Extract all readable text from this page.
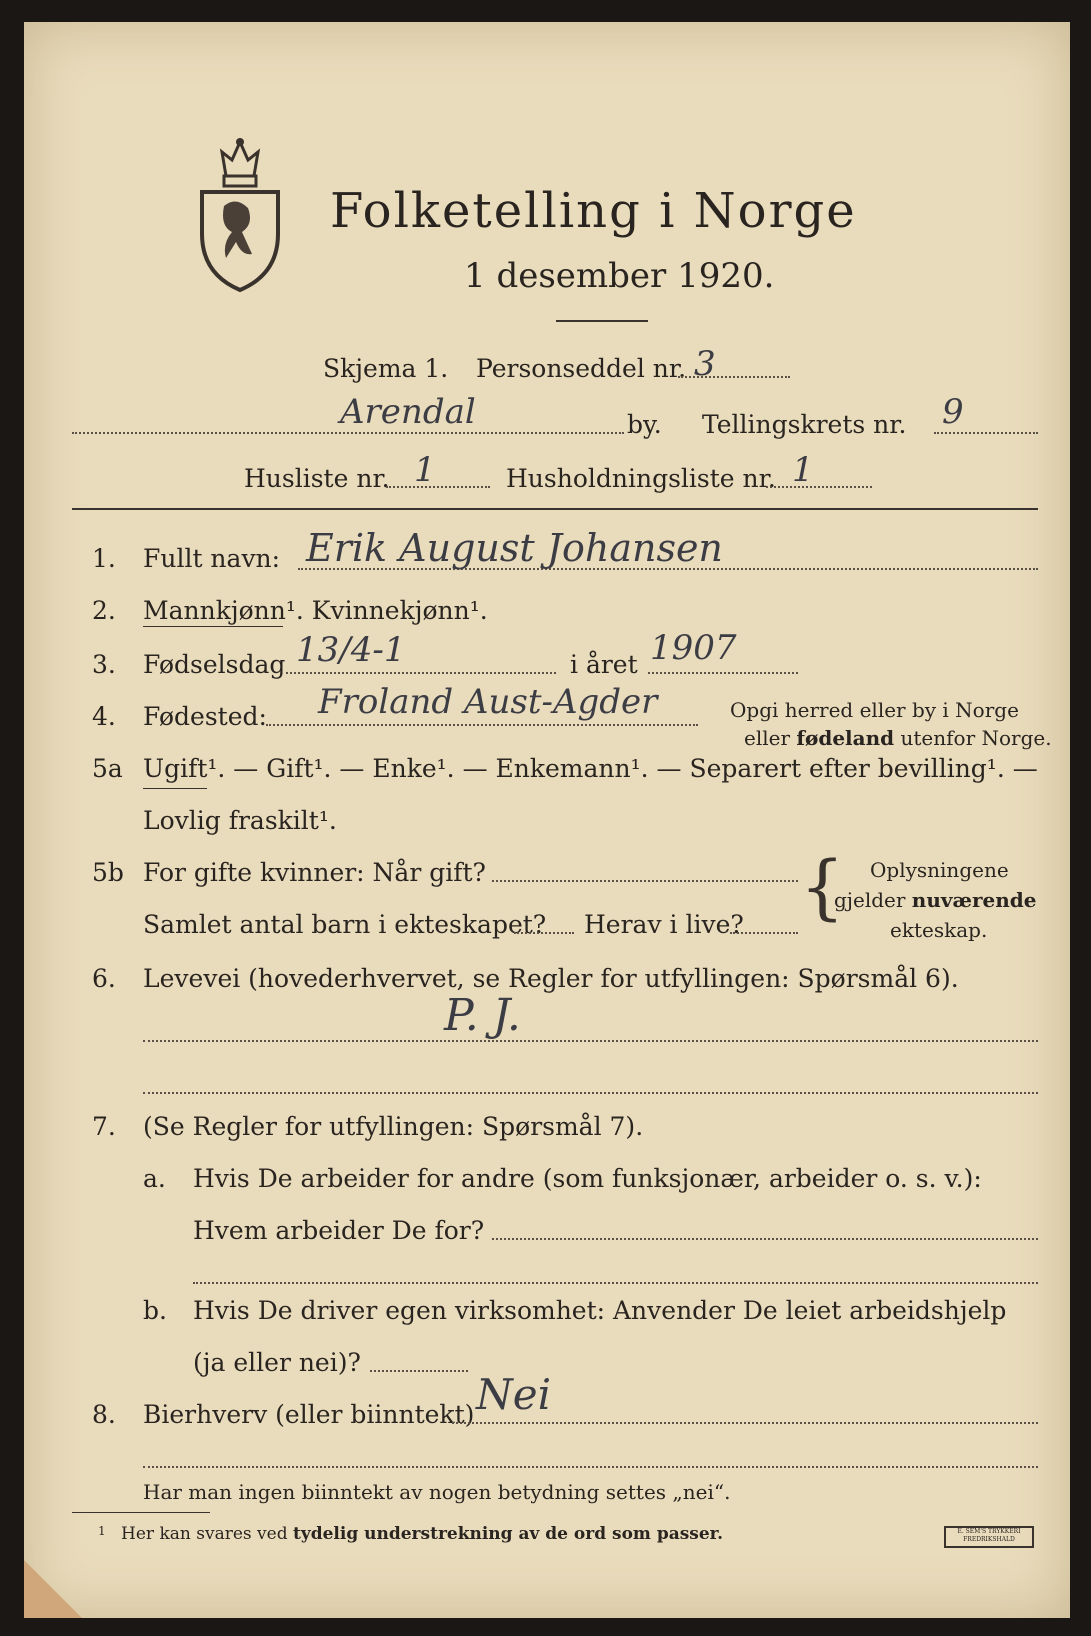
Folketelling i Norge
1 desember 1920.
Skjema 1. Personseddel nr. 3
Arendal	by. Tellingskrets nr. 9
Husliste nr. 1	Husholdningsliste nr. 1
1. Fullt navn: Erik August Johansen
2. Mannkjønn¹. Kvinnekjønn¹.
3. Fødselsdag 13/4-1	i året 1907
4. Fødested: Froland Aust-Agder	Opgi herred eller by i Norge
eller fødeland utenfor Norge.
5a Ugift¹. — Gift¹. — Enke¹. — Enkemann¹. — Separert efter bevilling¹. —
Lovlig fraskilt¹.
5b For gifte kvinner: Når gift?
Samlet antal barn i ekteskapet? Herav i live? { Oplysningene
gjelder nuværende
ekteskap.
6. Levevei (hovederhvervet, se Regler for utfyllingen: Spørsmål 6).
P. J.
7. (Se Regler for utfyllingen: Spørsmål 7).
a. Hvis De arbeider for andre (som funksjonær, arbeider o. s. v.):
Hvem arbeider De for?
b. Hvis De driver egen virksomhet: Anvender De leiet arbeidshjelp
(ja eller nei)?
8. Bierhverv (eller biinntekt) Nei
Har man ingen biinntekt av nogen betydning settes „nei“.
$^1$ Her kan svares ved tydelig understrekning av de ord som passer.	E. SEM'S TRYKKERI FREDRIKSHALD
